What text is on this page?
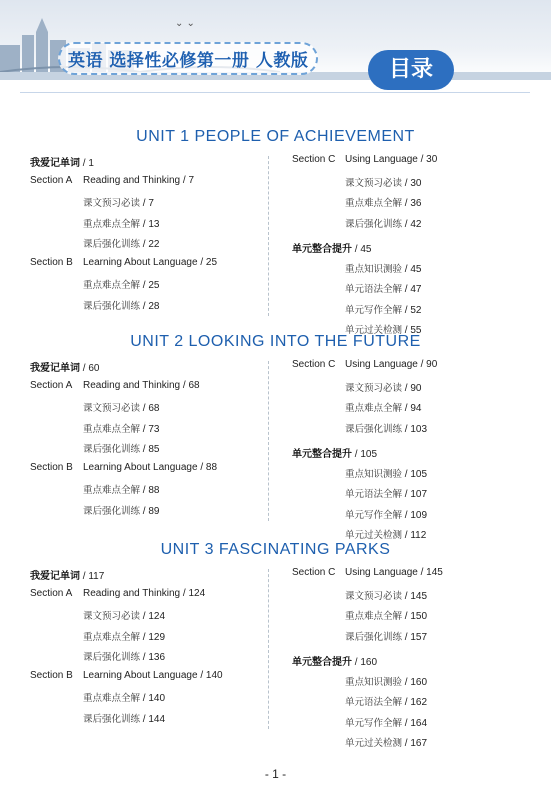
⌄ ⌄
英语 选择性必修第一册 人教版	目录
UNIT 1 PEOPLE OF ACHIEVEMENT
我爱记单词 / 1
Section A Reading and Thinking / 7
课文预习必读 / 7
重点难点全解 / 13
课后强化训练 / 22
Section B Learning About Language / 25
重点难点全解 / 25
课后强化训练 / 28
Section C Using Language / 30
课文预习必读 / 30
重点难点全解 / 36
课后强化训练 / 42
单元整合提升 / 45
重点知识测验 / 45
单元语法全解 / 47
单元写作全解 / 52
单元过关检测 / 55
UNIT 2 LOOKING INTO THE FUTURE
我爱记单词 / 60
Section A Reading and Thinking / 68
课文预习必读 / 68
重点难点全解 / 73
课后强化训练 / 85
Section B Learning About Language / 88
重点难点全解 / 88
课后强化训练 / 89
Section C Using Language / 90
课文预习必读 / 90
重点难点全解 / 94
课后强化训练 / 103
单元整合提升 / 105
重点知识测验 / 105
单元语法全解 / 107
单元写作全解 / 109
单元过关检测 / 112
UNIT 3 FASCINATING PARKS
我爱记单词 / 117
Section A Reading and Thinking / 124
课文预习必读 / 124
重点难点全解 / 129
课后强化训练 / 136
Section B Learning About Language / 140
重点难点全解 / 140
课后强化训练 / 144
Section C Using Language / 145
课文预习必读 / 145
重点难点全解 / 150
课后强化训练 / 157
单元整合提升 / 160
重点知识测验 / 160
单元语法全解 / 162
单元写作全解 / 164
单元过关检测 / 167
- 1 -
